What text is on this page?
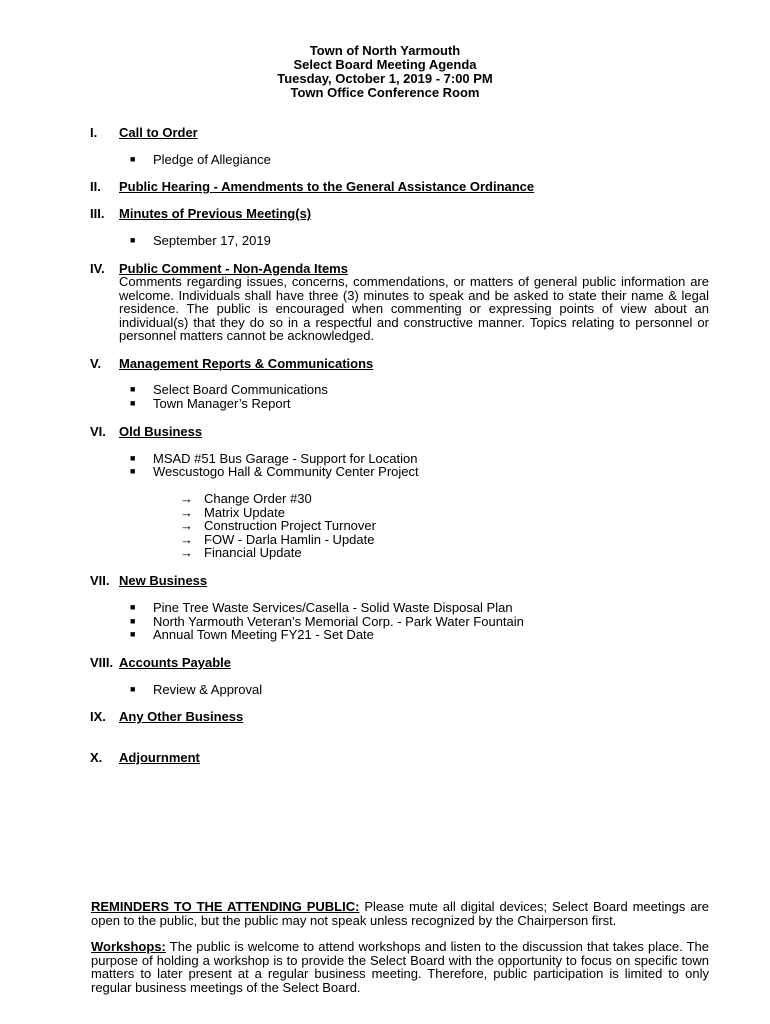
Town of North Yarmouth
Select Board Meeting Agenda
Tuesday, October 1, 2019 - 7:00 PM
Town Office Conference Room
I. Call to Order
■ Pledge of Allegiance
II. Public Hearing - Amendments to the General Assistance Ordinance
III. Minutes of Previous Meeting(s)
■ September 17, 2019
IV. Public Comment - Non-Agenda Items
Comments regarding issues, concerns, commendations, or matters of general public information are welcome. Individuals shall have three (3) minutes to speak and be asked to state their name & legal residence. The public is encouraged when commenting or expressing points of view about an individual(s) that they do so in a respectful and constructive manner. Topics relating to personnel or personnel matters cannot be acknowledged.
V. Management Reports & Communications
■ Select Board Communications
■ Town Manager’s Report
VI. Old Business
■ MSAD #51 Bus Garage - Support for Location
■ Wescustogo Hall & Community Center Project
→ Change Order #30
→ Matrix Update
→ Construction Project Turnover
→ FOW - Darla Hamlin - Update
→ Financial Update
VII. New Business
■ Pine Tree Waste Services/Casella - Solid Waste Disposal Plan
■ North Yarmouth Veteran’s Memorial Corp. - Park Water Fountain
■ Annual Town Meeting FY21 - Set Date
VIII. Accounts Payable
■ Review & Approval
IX. Any Other Business
X. Adjournment
REMINDERS TO THE ATTENDING PUBLIC: Please mute all digital devices; Select Board meetings are open to the public, but the public may not speak unless recognized by the Chairperson first.
Workshops: The public is welcome to attend workshops and listen to the discussion that takes place. The purpose of holding a workshop is to provide the Select Board with the opportunity to focus on specific town matters to later present at a regular business meeting. Therefore, public participation is limited to only regular business meetings of the Select Board.
